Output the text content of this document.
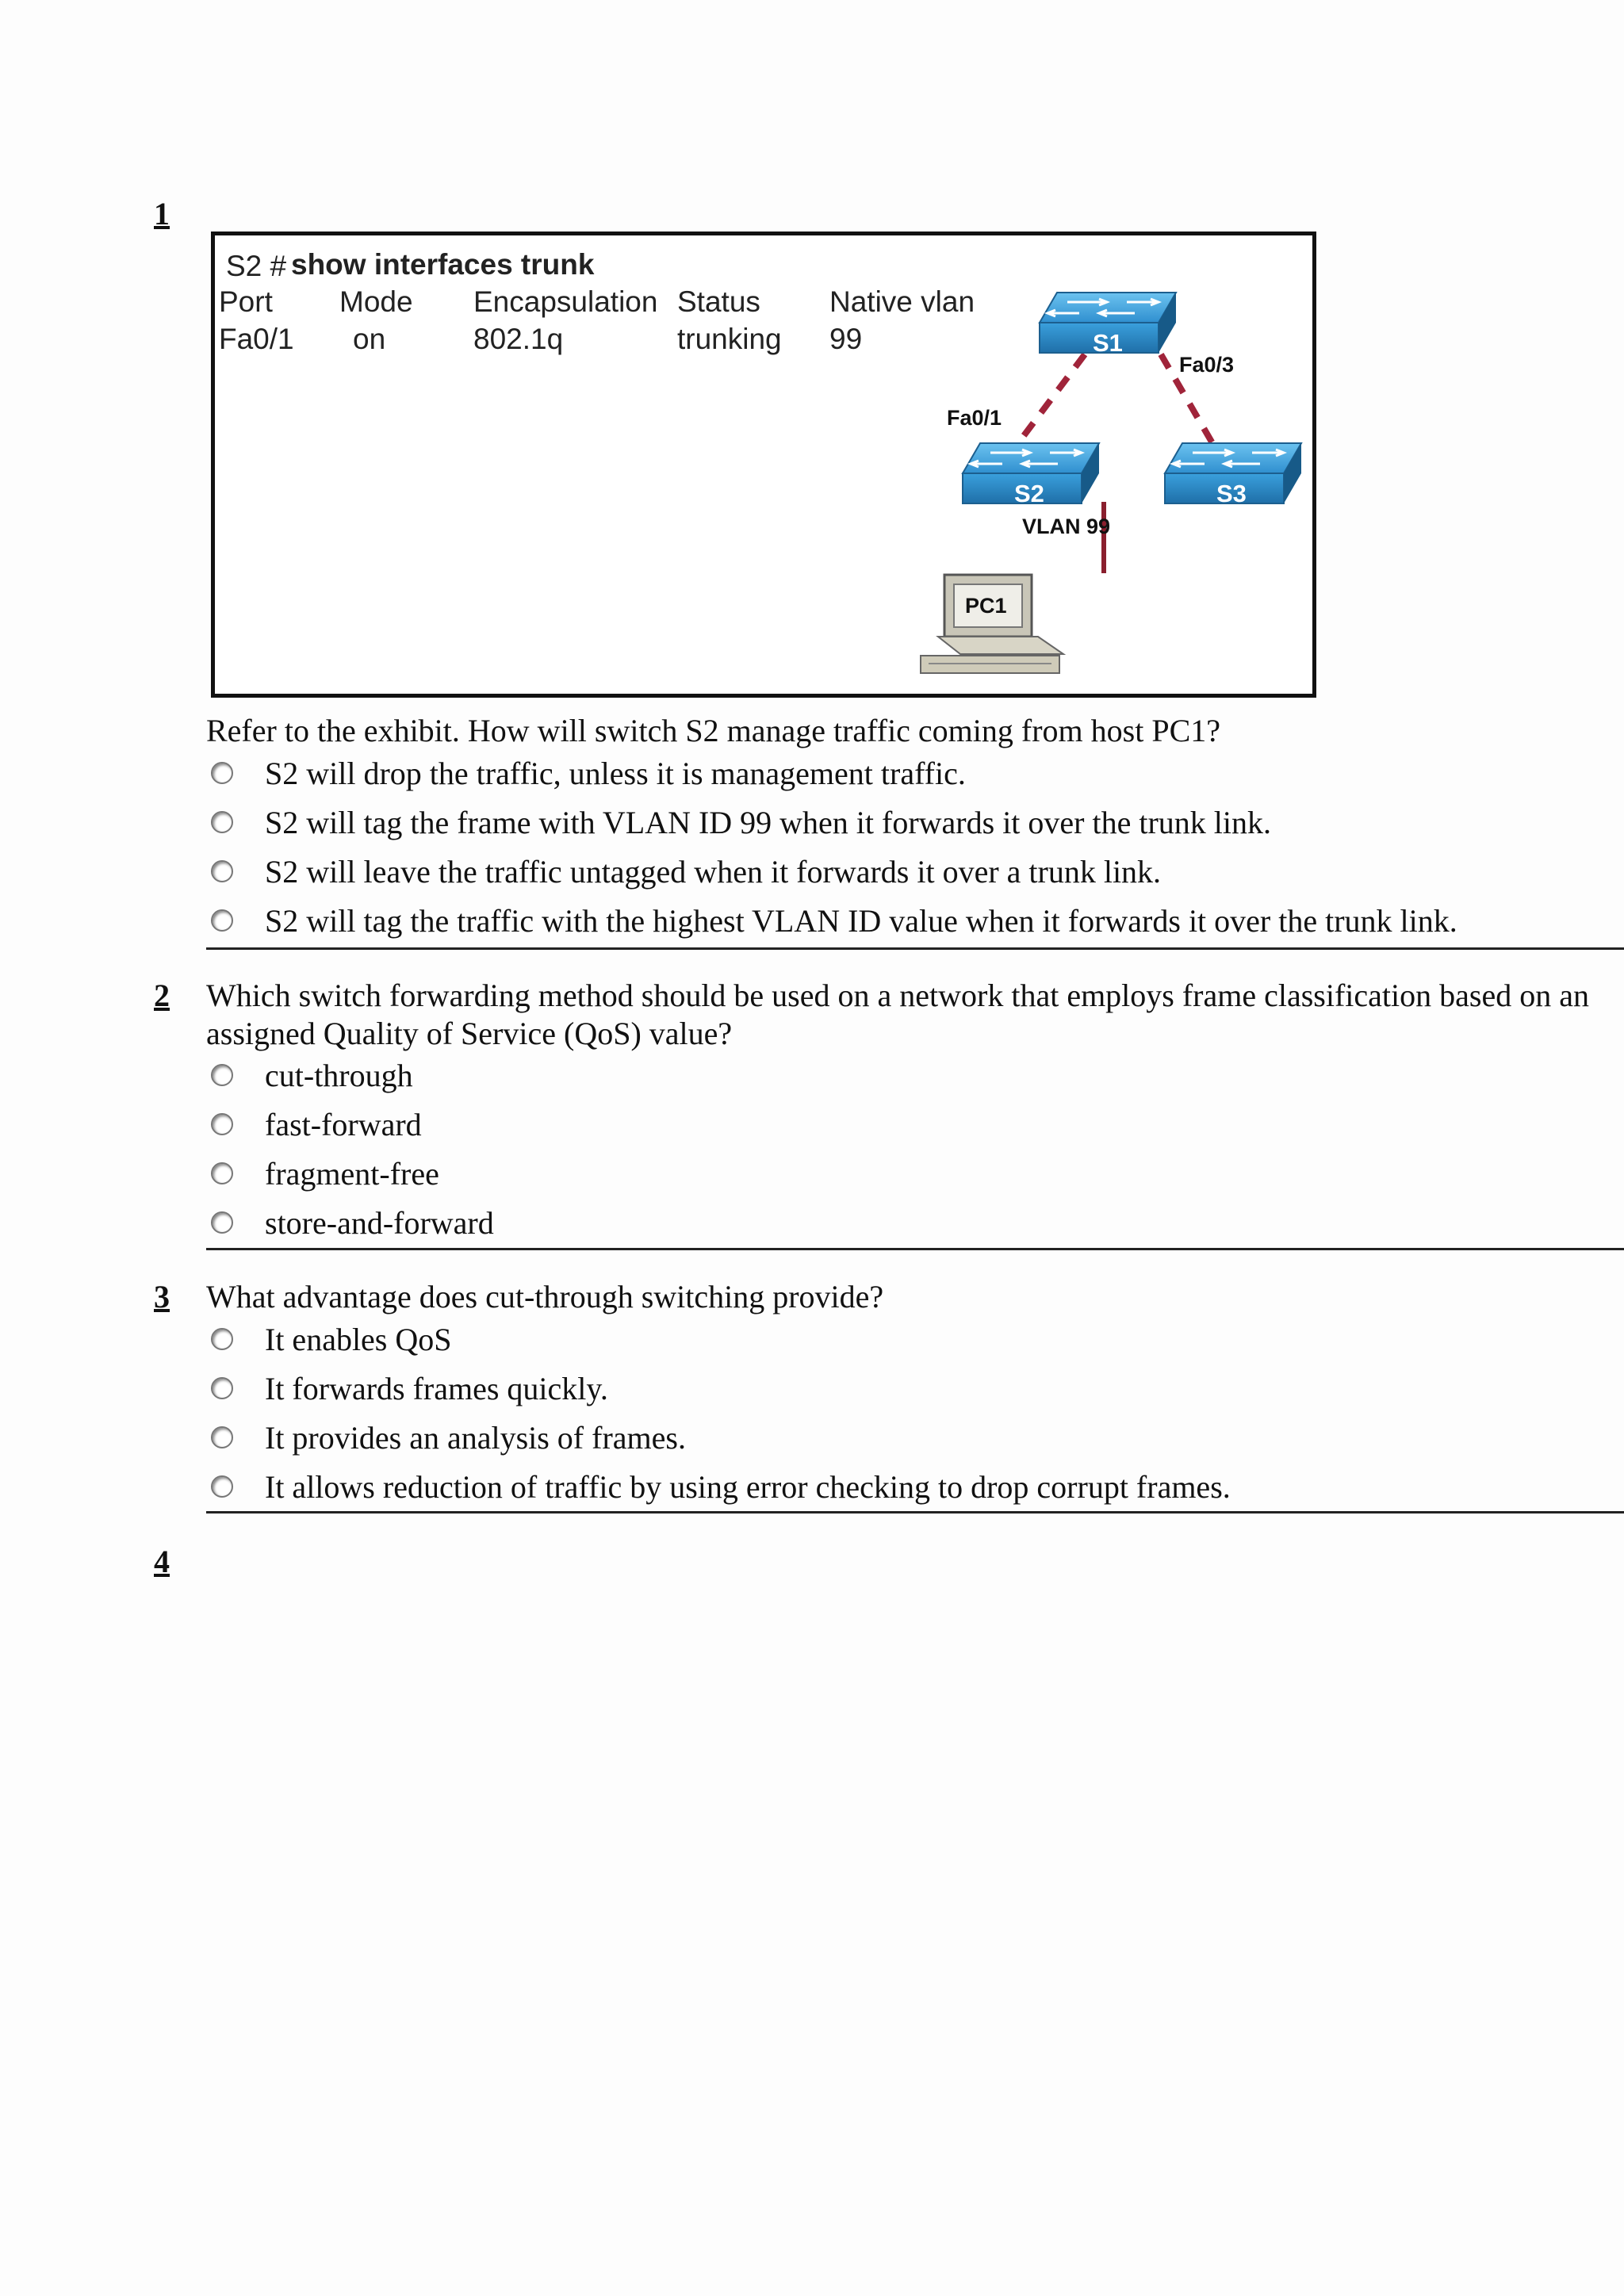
1
S2 # show interfaces trunk
Port Mode Encapsulation Status Native vlan
Fa0/1 on	802.1q	trunking 99	S1
S2	S3
PC1
Fa0/1
Fa0/3
VLAN 99
Refer to the exhibit. How will switch S2 manage traffic coming from host PC1?
S2 will drop the traffic, unless it is management traffic.
S2 will tag the frame with VLAN ID 99 when it forwards it over the trunk link.
S2 will leave the traffic untagged when it forwards it over a trunk link.
S2 will tag the traffic with the highest VLAN ID value when it forwards it over the trunk link.
2 Which switch forwarding method should be used on a network that employs frame classification based on an
assigned Quality of Service (QoS) value?
cut-through
fast-forward
fragment-free
store-and-forward
3 What advantage does cut-through switching provide?
It enables QoS
It forwards frames quickly.
It provides an analysis of frames.
It allows reduction of traffic by using error checking to drop corrupt frames.
4
